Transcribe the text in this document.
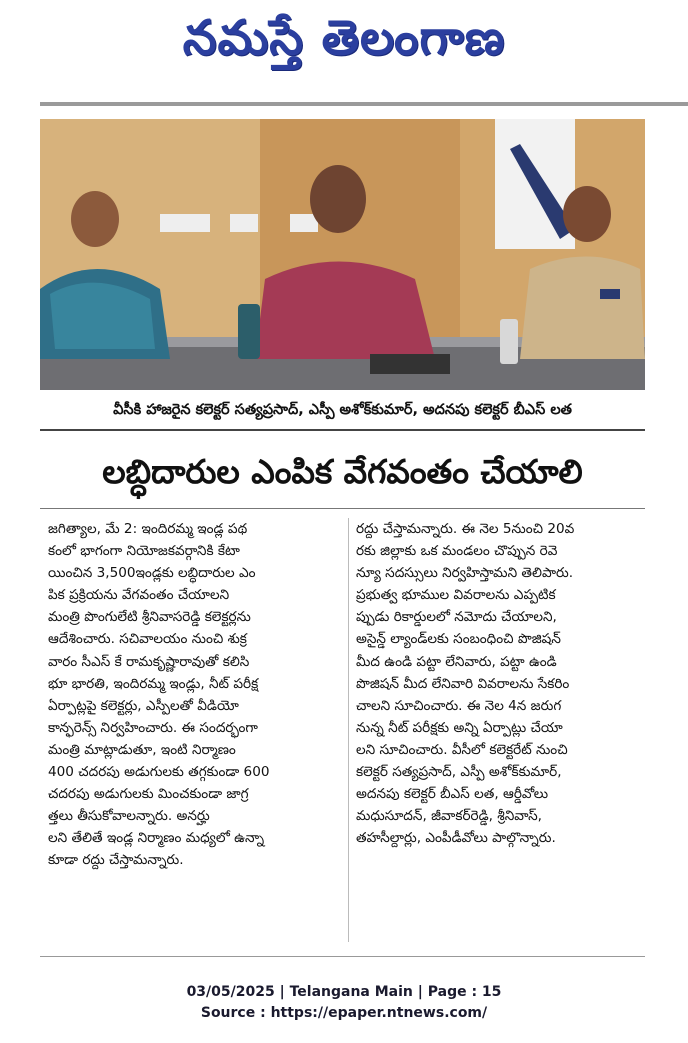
నమస్తే తెలంగాణ
వీసీకి హాజరైన కలెక్టర్ సత్యప్రసాద్, ఎస్పీ అశోక్‌కుమార్, అదనపు కలెక్టర్ బీఎస్ లత
లబ్ధిదారుల ఎంపిక వేగవంతం చేయాలి

జగిత్యాల, మే 2: ఇందిరమ్మ ఇండ్ల పథ

కంలో భాగంగా నియోజకవర్గానికి కేటా

యించిన 3,500ఇండ్లకు లబ్ధిదారుల ఎం

పిక ప్రక్రియను వేగవంతం చేయాలని

మంత్రి పొంగులేటి శ్రీనివాసరెడ్డి కలెక్టర్లను

ఆదేశించారు. సచివాలయం నుంచి శుక్ర

వారం సీఎస్ కే రామకృష్ణారావుతో కలిసి

భూ భారతి, ఇందిరమ్మ ఇండ్లు, నీట్ పరీక్ష

ఏర్పాట్లపై కలెక్టర్లు, ఎస్పీలతో వీడియో

కాన్ఫరెన్స్ నిర్వహించారు. ఈ సందర్భంగా

మంత్రి మాట్లాడుతూ, ఇంటి నిర్మాణం

400 చదరపు అడుగులకు తగ్గకుండా 600

చదరపు అడుగులకు మించకుండా జాగ్ర

త్తలు తీసుకోవాలన్నారు. అనర్హు

లని తేలితే ఇండ్ల నిర్మాణం మధ్యలో ఉన్నా

కూడా రద్దు చేస్తామన్నారు.

రద్దు చేస్తామన్నారు. ఈ నెల 5నుంచి 20వ

రకు జిల్లాకు ఒక మండలం చొప్పున రెవె

న్యూ సదస్సులు నిర్వహిస్తామని తెలిపారు.

ప్రభుత్వ భూముల వివరాలను ఎప్పటిక

ప్పుడు రికార్డులలో నమోదు చేయాలని,

అసైన్డ్ ల్యాండ్‌లకు సంబంధించి పొజిషన్

మీద ఉండి పట్టా లేనివారు, పట్టా ఉండి

పొజిషన్ మీద లేనివారి వివరాలను సేకరిం

చాలని సూచించారు. ఈ నెల 4న జరుగ

నున్న నీట్ పరీక్షకు అన్ని ఏర్పాట్లు చేయా

లని సూచించారు. వీసీలో కలెక్టరేట్ నుంచి

కలెక్టర్ సత్యప్రసాద్, ఎస్పీ అశోక్‌కుమార్,

అదనపు కలెక్టర్ బీఎస్ లత, ఆర్డీవోలు

మధుసూదన్, జీవాకర్‌రెడ్డి, శ్రీనివాస్,

తహసీల్దార్లు, ఎంపీడీవోలు పాల్గొన్నారు.

03/05/2025 | Telangana Main | Page : 15
Source : https://epaper.ntnews.com/
